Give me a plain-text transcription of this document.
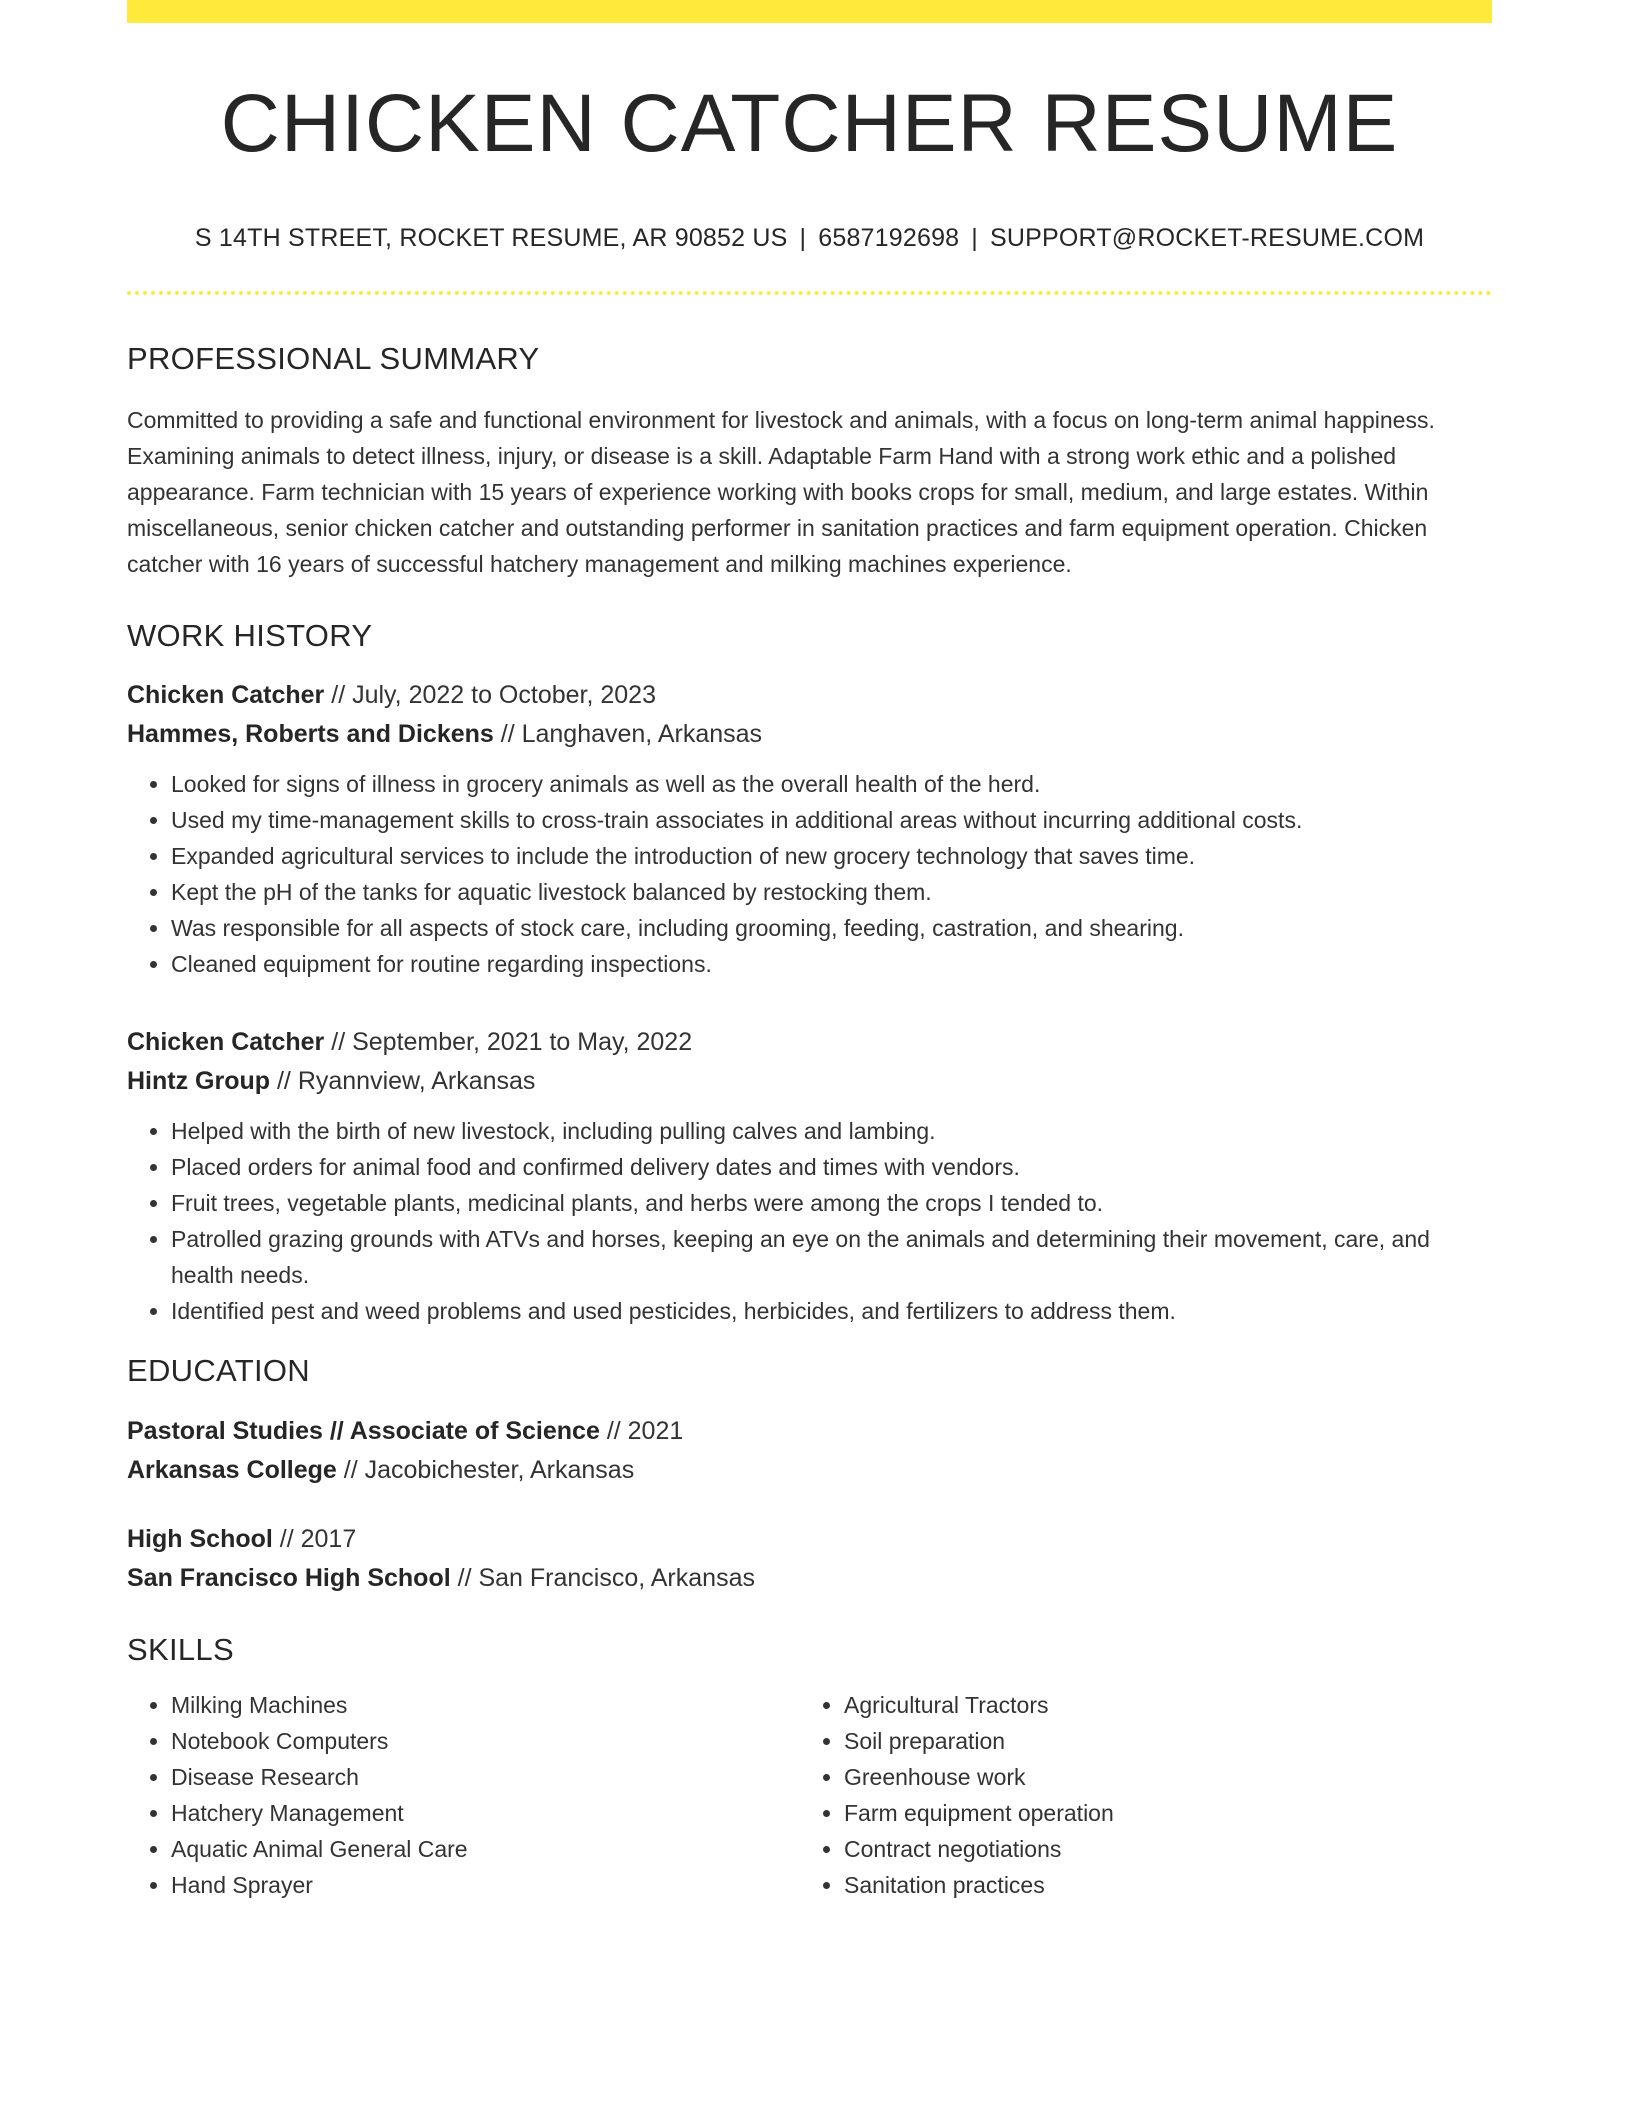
CHICKEN CATCHER RESUME
S 14TH STREET, ROCKET RESUME, AR 90852 US | 6587192698 | SUPPORT@ROCKET-RESUME.COM
PROFESSIONAL SUMMARY

Committed to providing a safe and functional environment for livestock and animals, with a focus on long-term animal happiness. Examining animals to detect illness, injury, or disease is a skill. Adaptable Farm Hand with a strong work ethic and a polished appearance. Farm technician with 15 years of experience working with books crops for small, medium, and large estates. Within miscellaneous, senior chicken catcher and outstanding performer in sanitation practices and farm equipment operation. Chicken catcher with 16 years of successful hatchery management and milking machines experience.

WORK HISTORY
Chicken Catcher // July, 2022 to October, 2023
Hammes, Roberts and Dickens // Langhaven, Arkansas
• Looked for signs of illness in grocery animals as well as the overall health of the herd.
• Used my time-management skills to cross-train associates in additional areas without incurring additional costs.
• Expanded agricultural services to include the introduction of new grocery technology that saves time.
• Kept the pH of the tanks for aquatic livestock balanced by restocking them.
• Was responsible for all aspects of stock care, including grooming, feeding, castration, and shearing.
• Cleaned equipment for routine regarding inspections.
Chicken Catcher // September, 2021 to May, 2022
Hintz Group // Ryannview, Arkansas
• Helped with the birth of new livestock, including pulling calves and lambing.
• Placed orders for animal food and confirmed delivery dates and times with vendors.
• Fruit trees, vegetable plants, medicinal plants, and herbs were among the crops I tended to.
• Patrolled grazing grounds with ATVs and horses, keeping an eye on the animals and determining their movement, care, and health needs.
• Identified pest and weed problems and used pesticides, herbicides, and fertilizers to address them.
EDUCATION
Pastoral Studies // Associate of Science // 2021
Arkansas College // Jacobichester, Arkansas
High School // 2017
San Francisco High School // San Francisco, Arkansas
SKILLS
• Milking Machines
• Notebook Computers
• Disease Research
• Hatchery Management
• Aquatic Animal General Care
• Hand Sprayer
• Agricultural Tractors
• Soil preparation
• Greenhouse work
• Farm equipment operation
• Contract negotiations
• Sanitation practices
